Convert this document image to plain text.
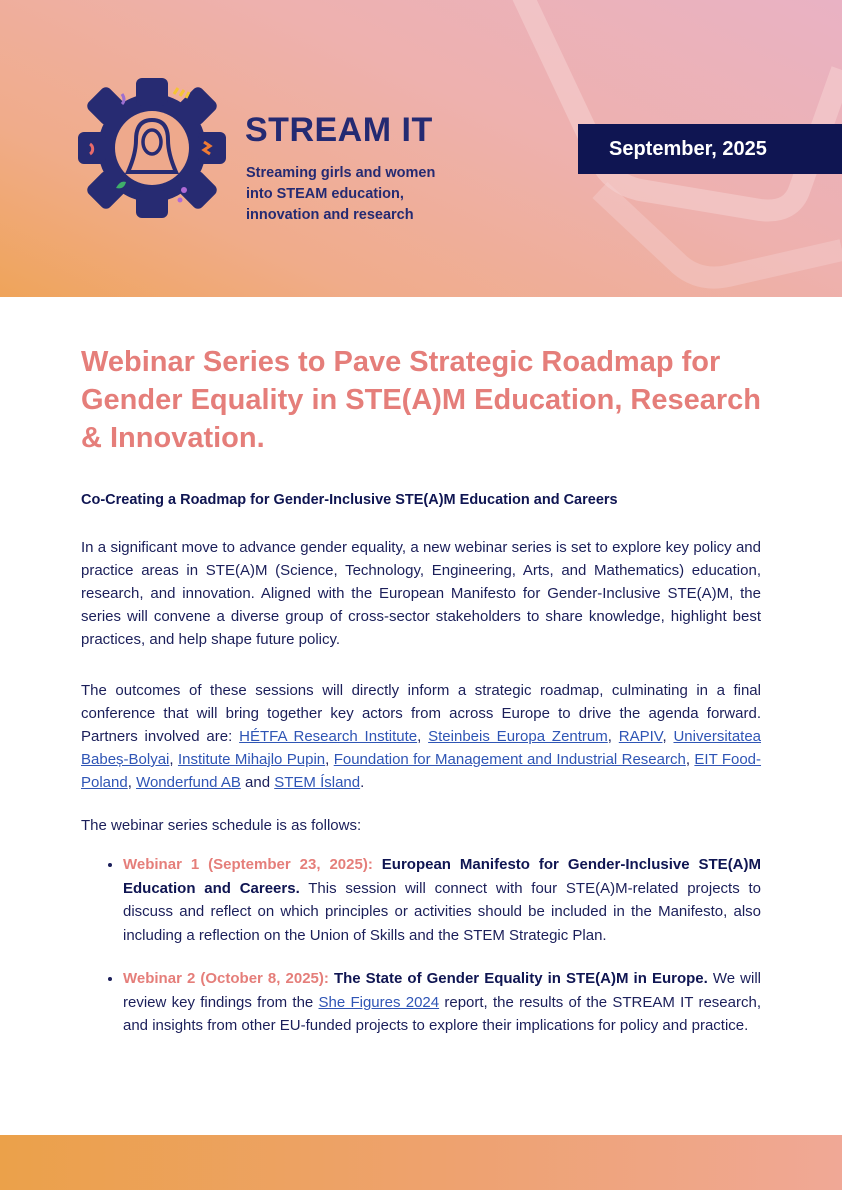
STREAM IT
Streaming girls and women
into STEAM education,
innovation and research
September, 2025
Webinar Series to Pave Strategic Roadmap for Gender Equality in STE(A)M Education, Research & Innovation.
Co-Creating a Roadmap for Gender-Inclusive STE(A)M Education and Careers

In a significant move to advance gender equality, a new webinar series is set to explore key policy and practice areas in STE(A)M (Science, Technology, Engineering, Arts, and Mathematics) education, research, and innovation. Aligned with the European Manifesto for Gender-Inclusive STE(A)M, the series will convene a diverse group of cross-sector stakeholders to share knowledge, highlight best practices, and help shape future policy.

The outcomes of these sessions will directly inform a strategic roadmap, culminating in a final conference that will bring together key actors from across Europe to drive the agenda forward. Partners involved are: HÉTFA Research Institute, Steinbeis Europa Zentrum, RAPIV, Universitatea Babeș-Bolyai, Institute Mihajlo Pupin, Foundation for Management and Industrial Research, EIT Food-Poland, Wonderfund AB and STEM Ísland.

The webinar series schedule is as follows:

• Webinar 1 (September 23, 2025): European Manifesto for Gender-Inclusive STE(A)M Education and Careers. This session will connect with four STE(A)M-related projects to discuss and reflect on which principles or activities should be included in the Manifesto, also including a reflection on the Union of Skills and the STEM Strategic Plan.
• Webinar 2 (October 8, 2025): The State of Gender Equality in STE(A)M in Europe. We will review key findings from the She Figures 2024 report, the results of the STREAM IT research, and insights from other EU-funded projects to explore their implications for policy and practice.
